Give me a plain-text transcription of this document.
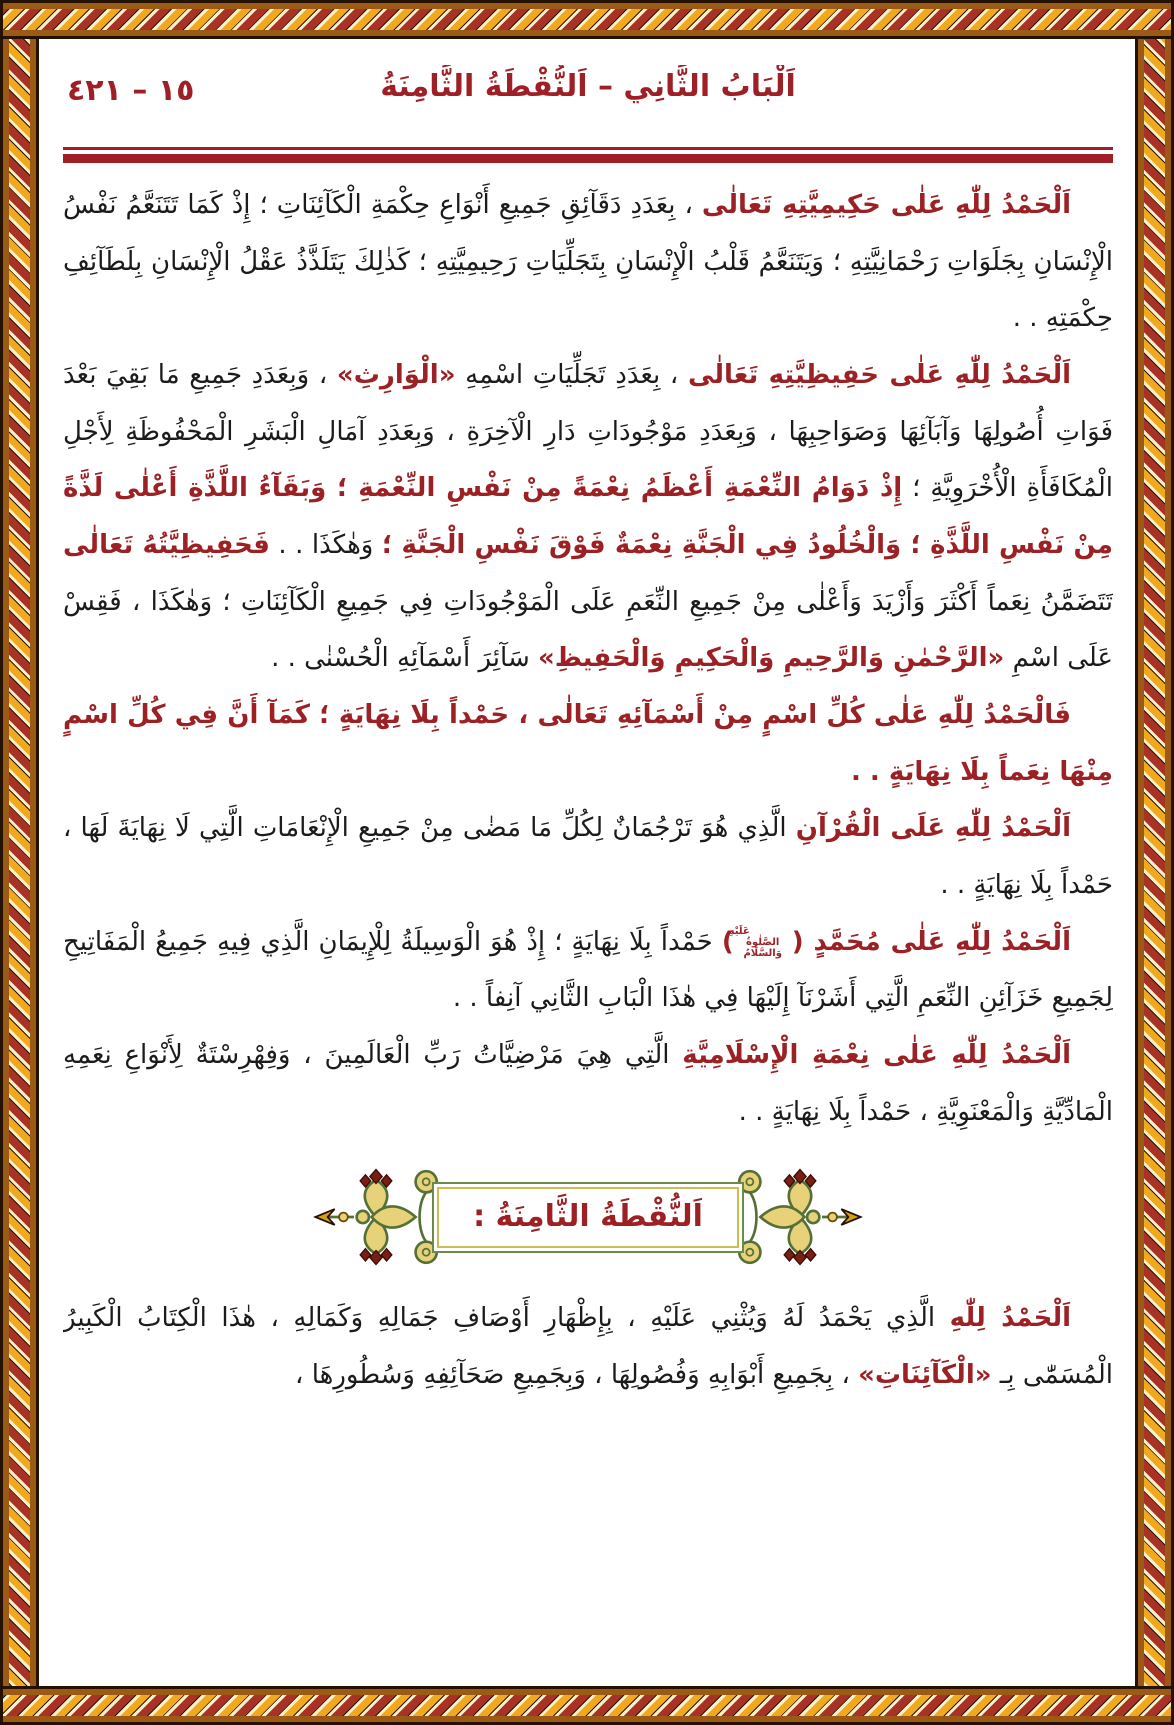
١٥ – ٤٢١	اَلْبَابُ الثَّانِي – اَلنُّقْطَةُ الثَّامِنَةُ

اَلْحَمْدُ لِلّٰهِ عَلٰى حَكِيمِيَّتِهِ تَعَالٰى ، بِعَدَدِ دَقَآئِقِ جَمِيعِ أَنْوَاعِ حِكْمَةِ الْكَآئِنَاتِ ؛ إِذْ كَمَا تَتَنَعَّمُ نَفْسُ الْإِنْسَانِ بِجَلَوَاتِ رَحْمَانِيَّتِهِ ؛ وَيَتَنَعَّمُ قَلْبُ الْإِنْسَانِ بِتَجَلِّيَاتِ رَحِيمِيَّتِهِ ؛ كَذٰلِكَ يَتَلَذَّذُ عَقْلُ الْإِنْسَانِ بِلَطَآئِفِ حِكْمَتِهِ . .

اَلْحَمْدُ لِلّٰهِ عَلٰى حَفِيظِيَّتِهِ تَعَالٰى ، بِعَدَدِ تَجَلِّيَاتِ اسْمِهِ «الْوَارِثِ» ، وَبِعَدَدِ جَمِيعِ مَا بَقِيَ بَعْدَ فَوَاتِ أُصُولِهَا وَآبَآئِهَا وَصَوَاحِبِهَا ، وَبِعَدَدِ مَوْجُودَاتِ دَارِ الْآخِرَةِ ، وَبِعَدَدِ آمَالِ الْبَشَرِ الْمَحْفُوظَةِ لِأَجْلِ الْمُكَافَأَةِ الْأُخْرَوِيَّةِ ؛ إِذْ دَوَامُ النِّعْمَةِ أَعْظَمُ نِعْمَةً مِنْ نَفْسِ النِّعْمَةِ ؛ وَبَقَآءُ اللَّذَّةِ أَعْلٰى لَذَّةً مِنْ نَفْسِ اللَّذَّةِ ؛ وَالْخُلُودُ فِي الْجَنَّةِ نِعْمَةٌ فَوْقَ نَفْسِ الْجَنَّةِ ؛ وَهٰكَذَا . . فَحَفِيظِيَّتُهُ تَعَالٰى تَتَضَمَّنُ نِعَماً أَكْثَرَ وَأَزْيَدَ وَأَعْلٰى مِنْ جَمِيعِ النِّعَمِ عَلَى الْمَوْجُودَاتِ فِي جَمِيعِ الْكَآئِنَاتِ ؛ وَهٰكَذَا ، فَقِسْ عَلَى اسْمِ «الرَّحْمٰنِ وَالرَّحِيمِ وَالْحَكِيمِ وَالْحَفِيظِ» سَآئِرَ أَسْمَآئِهِ الْحُسْنٰى . .

فَالْحَمْدُ لِلّٰهِ عَلٰى كُلِّ اسْمٍ مِنْ أَسْمَآئِهِ تَعَالٰى ، حَمْداً بِلَا نِهَايَةٍ ؛ كَمَآ أَنَّ فِي كُلِّ اسْمٍ مِنْهَا نِعَماً بِلَا نِهَايَةٍ . .

اَلْحَمْدُ لِلّٰهِ عَلَى الْقُرْآنِ الَّذِي هُوَ تَرْجُمَانٌ لِكُلِّ مَا مَضٰى مِنْ جَمِيعِ الْإِنْعَامَاتِ الَّتِي لَا نِهَايَةَ لَهَا ، حَمْداً بِلَا نِهَايَةٍ . .

اَلْحَمْدُ لِلّٰهِ عَلٰى مُحَمَّدٍ (عَلَيْهِ الصَّلٰوةُ وَالسَّلَامُ) حَمْداً بِلَا نِهَايَةٍ ؛ إِذْ هُوَ الْوَسِيلَةُ لِلْإِيمَانِ الَّذِي فِيهِ جَمِيعُ الْمَفَاتِيحِ لِجَمِيعِ خَزَآئِنِ النِّعَمِ الَّتِي أَشَرْنَآ إِلَيْهَا فِي هٰذَا الْبَابِ الثَّانِي آنِفاً . .

اَلْحَمْدُ لِلّٰهِ عَلٰى نِعْمَةِ الْإِسْلَامِيَّةِ الَّتِي هِيَ مَرْضِيَّاتُ رَبِّ الْعَالَمِينَ ، وَفِهْرِسْتَةٌ لِأَنْوَاعِ نِعَمِهِ الْمَادِّيَّةِ وَالْمَعْنَوِيَّةِ ، حَمْداً بِلَا نِهَايَةٍ . .

اَلنُّقْطَةُ الثَّامِنَةُ :

اَلْحَمْدُ لِلّٰهِ الَّذِي يَحْمَدُ لَهُ وَيُثْنِي عَلَيْهِ ، بِإِظْهَارِ أَوْصَافِ جَمَالِهِ وَكَمَالِهِ ، هٰذَا الْكِتَابُ الْكَبِيرُ الْمُسَمّٰى بِـ «الْكَآئِنَاتِ» ، بِجَمِيعِ أَبْوَابِهِ وَفُصُولِهَا ، وَبِجَمِيعِ صَحَآئِفِهِ وَسُطُورِهَا ،
